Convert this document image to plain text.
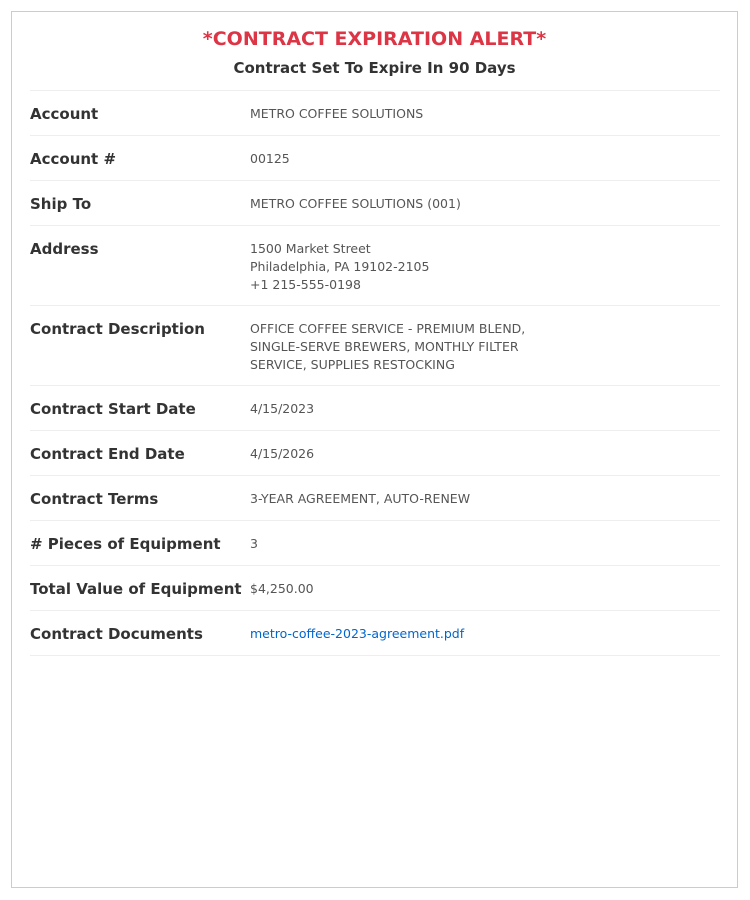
*CONTRACT EXPIRATION ALERT*
Contract Set To Expire In 90 Days
Account	METRO COFFEE SOLUTIONS
Account #	00125
Ship To	METRO COFFEE SOLUTIONS (001)
Address	1500 Market Street
Philadelphia, PA 19102-2105
+1 215-555-0198
Contract Description	OFFICE COFFEE SERVICE - PREMIUM BLEND,
SINGLE-SERVE BREWERS, MONTHLY FILTER
SERVICE, SUPPLIES RESTOCKING
Contract Start Date	4/15/2023
Contract End Date	4/15/2026
Contract Terms	3-YEAR AGREEMENT, AUTO-RENEW
# Pieces of Equipment	3
Total Value of Equipment $4,250.00
Contract Documents	metro-coffee-2023-agreement.pdf
